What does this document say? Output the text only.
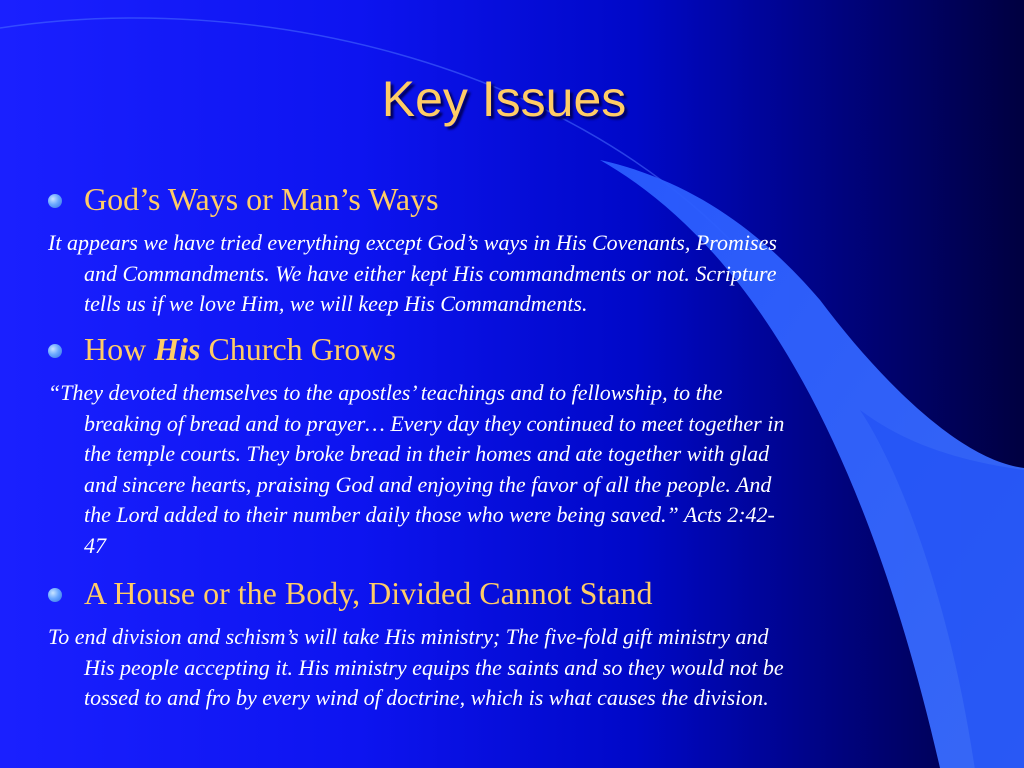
Key Issues
God’s Ways or Man’s Ways

It appears we have tried everything except God’s ways in His Covenants, Promises
and Commandments. We have either kept His commandments or not. Scripture
tells us if we love Him, we will keep His Commandments.

How His Church Grows

“They devoted themselves to the apostles’ teachings and to fellowship, to the
breaking of bread and to prayer… Every day they continued to meet together in
the temple courts. They broke bread in their homes and ate together with glad
and sincere hearts, praising God and enjoying the favor of all the people. And
the Lord added to their number daily those who were being saved.” Acts 2:42-
47

A House or the Body, Divided Cannot Stand

To end division and schism’s will take His ministry; The five-fold gift ministry and
His people accepting it. His ministry equips the saints and so they would not be
tossed to and fro by every wind of doctrine, which is what causes the division.
